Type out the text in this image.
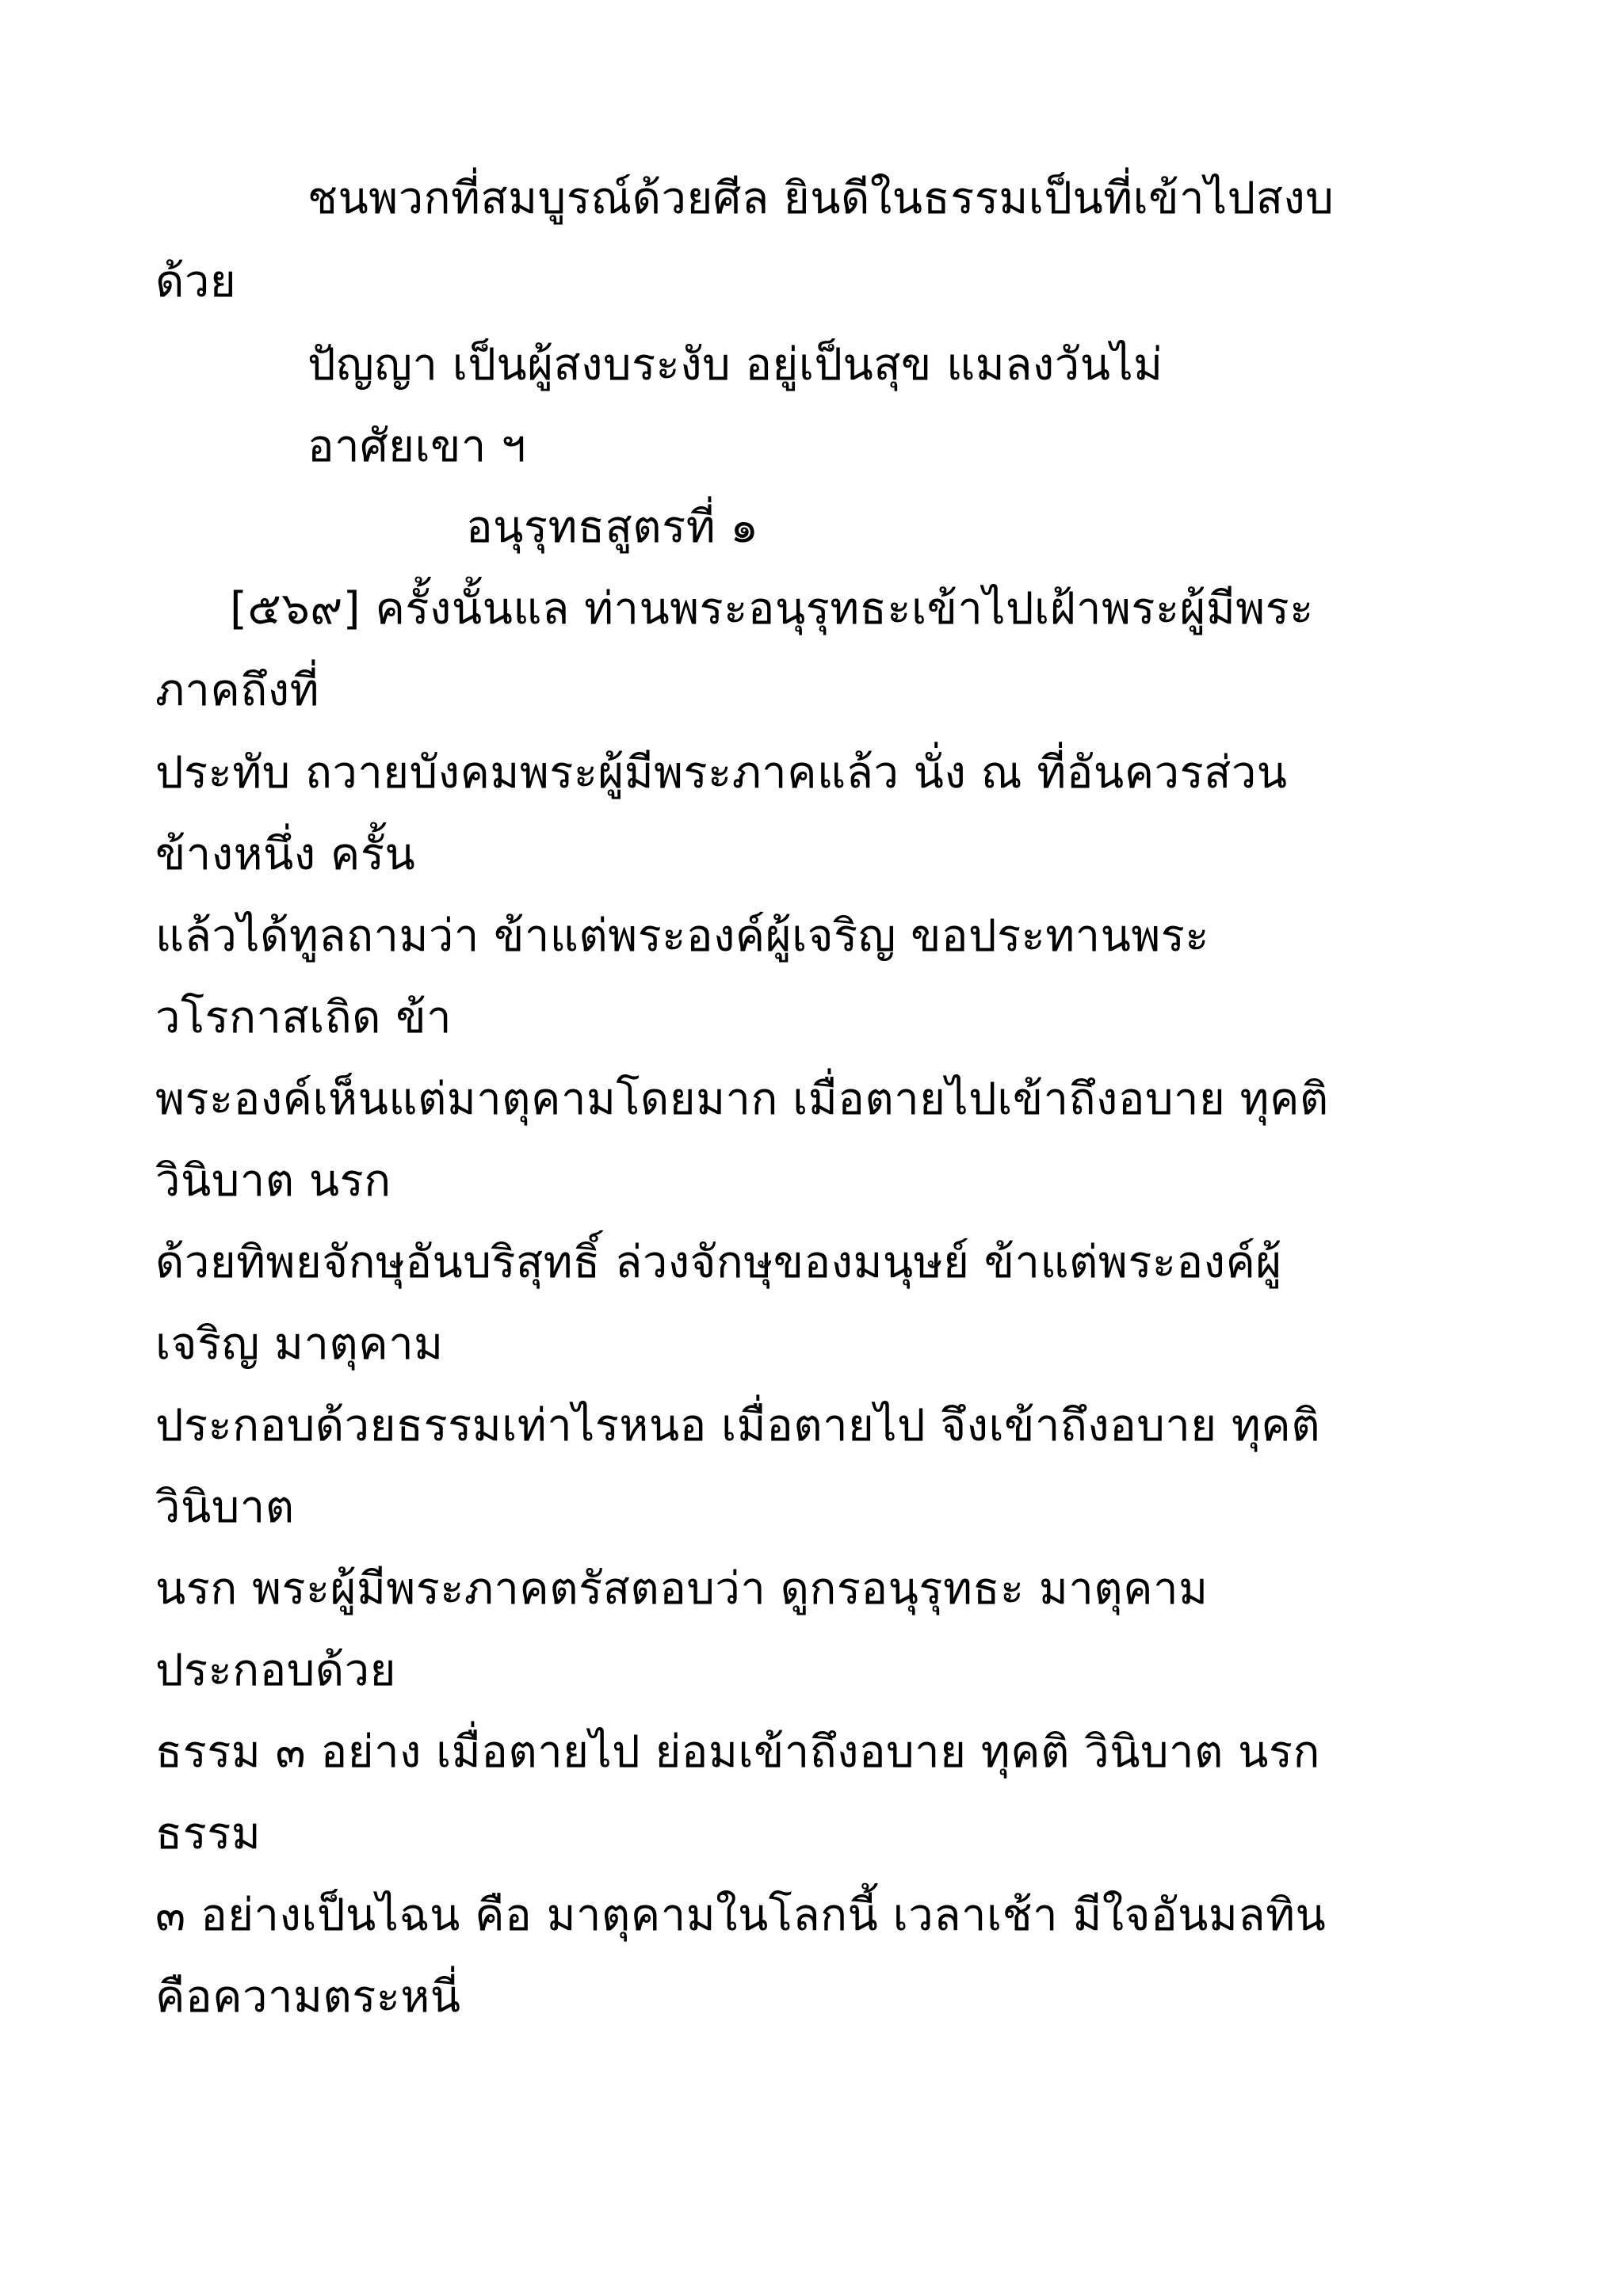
ชนพวกที่สมบูรณ์ด้วยศีล ยินดีในธรรมเป็นที่เข้าไปสงบ
ด้วย
ปัญญา เป็นผู้สงบระงับ อยู่เป็นสุข แมลงวันไม่
อาศัยเขา ฯ
อนุรุทธสูตรที่ ๑
[๕๖๙] ครั้งนั้นแล ท่านพระอนุรุทธะเข้าไปเฝ้าพระผู้มีพระ
ภาคถึงที่
ประทับ ถวายบังคมพระผู้มีพระภาคแล้ว นั่ง ณ ที่อันควรส่วน
ข้างหนึ่ง ครั้น
แล้วได้ทูลถามว่า ข้าแต่พระองค์ผู้เจริญ ขอประทานพระ
วโรกาสเถิด ข้า
พระองค์เห็นแต่มาตุคามโดยมาก เมื่อตายไปเข้าถึงอบาย ทุคติ
วินิบาต นรก
ด้วยทิพยจักษุอันบริสุทธิ์ ล่วงจักษุของมนุษย์ ข้าแต่พระองค์ผู้
เจริญ มาตุคาม
ประกอบด้วยธรรมเท่าไรหนอ เมื่อตายไป จึงเข้าถึงอบาย ทุคติ
วินิบาต
นรก พระผู้มีพระภาคตรัสตอบว่า ดูกรอนุรุทธะ มาตุคาม
ประกอบด้วย
ธรรม ๓ อย่าง เมื่อตายไป ย่อมเข้าถึงอบาย ทุคติ วินิบาต นรก
ธรรม
๓ อย่างเป็นไฉน คือ มาตุคามในโลกนี้ เวลาเช้า มีใจอันมลทิน
คือความตระหนี่
